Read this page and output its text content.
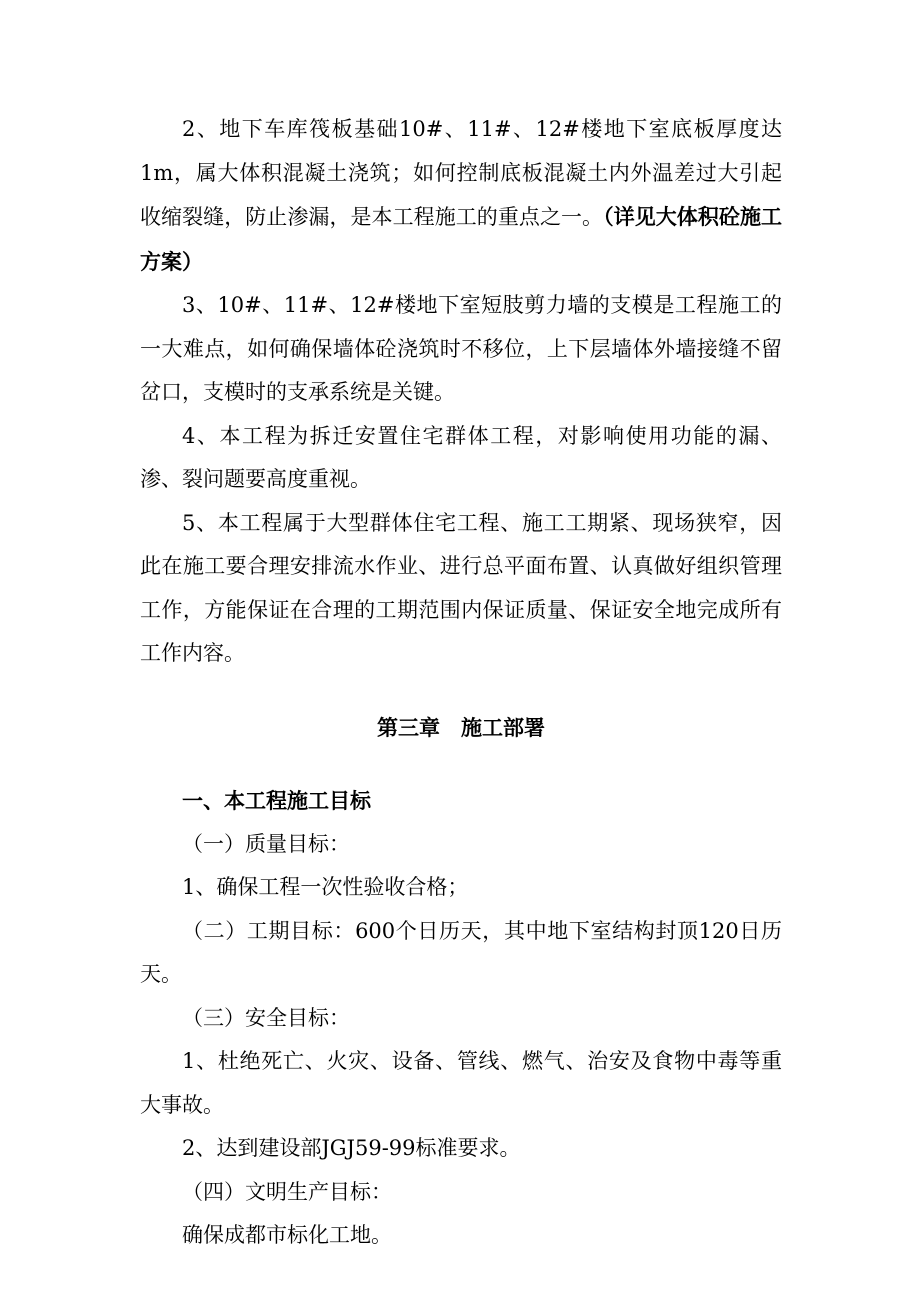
2、地下车库筏板基础10#、11#、12#楼地下室底板厚度达1m，属大体积混凝土浇筑；如何控制底板混凝土内外温差过大引起收缩裂缝，防止渗漏，是本工程施工的重点之一。（详见大体积砼施工方案）

3、10#、11#、12#楼地下室短肢剪力墙的支模是工程施工的一大难点，如何确保墙体砼浇筑时不移位，上下层墙体外墙接缝不留岔口，支模时的支承系统是关键。

4、本工程为拆迁安置住宅群体工程，对影响使用功能的漏、渗、裂问题要高度重视。

5、本工程属于大型群体住宅工程、施工工期紧、现场狭窄，因此在施工要合理安排流水作业、进行总平面布置、认真做好组织管理工作，方能保证在合理的工期范围内保证质量、保证安全地完成所有工作内容。

第三章　施工部署
一、本工程施工目标

（一）质量目标：

1、确保工程一次性验收合格；

（二）工期目标：600个日历天，其中地下室结构封顶120日历天。

（三）安全目标：

1、杜绝死亡、火灾、设备、管线、燃气、治安及食物中毒等重大事故。

2、达到建设部JGJ59-99标准要求。

（四）文明生产目标：

确保成都市标化工地。
